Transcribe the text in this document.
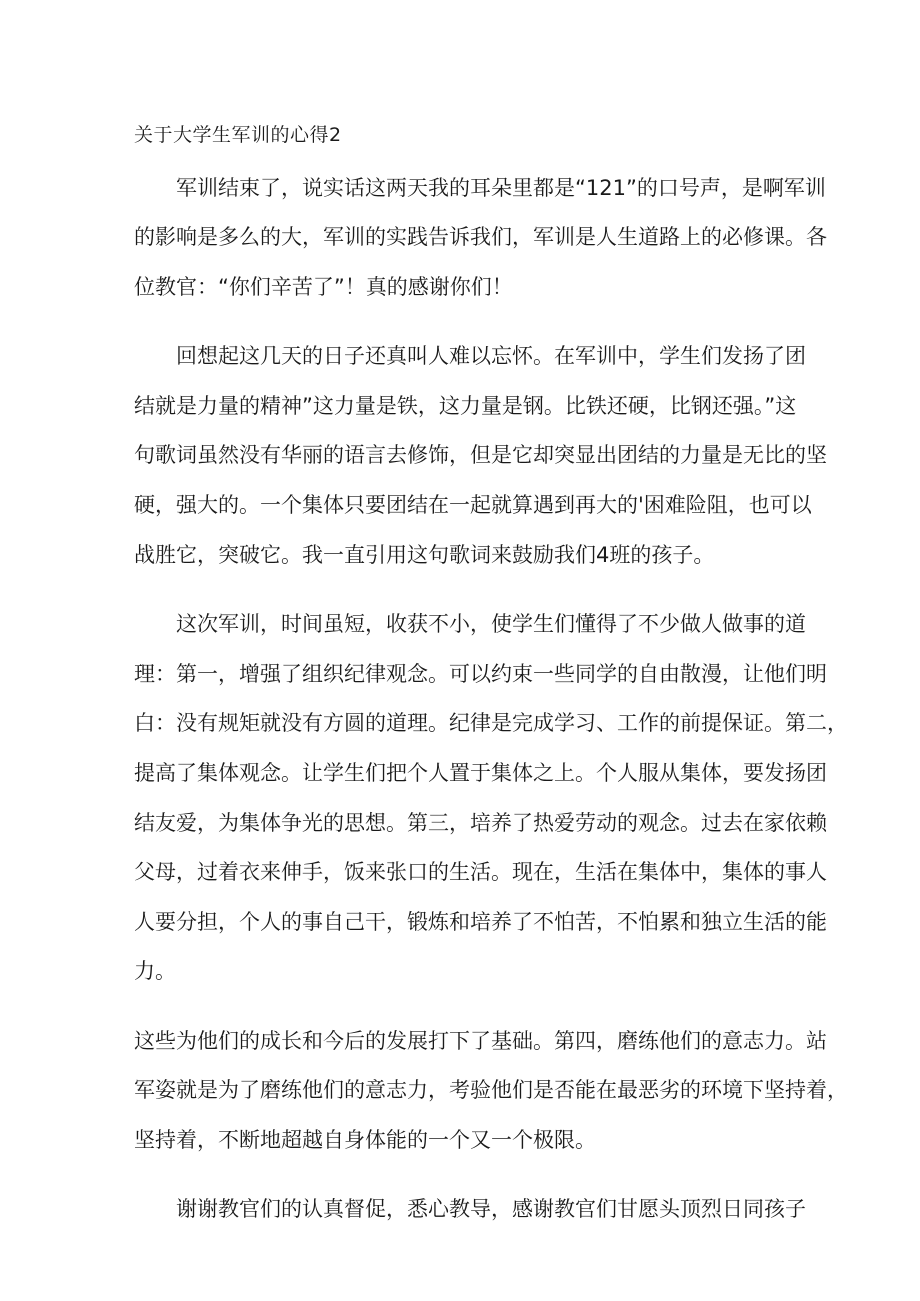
关于大学生军训的心得2
军训结束了，说实话这两天我的耳朵里都是“121”的口号声，是啊军训
的影响是多么的大，军训的实践告诉我们，军训是人生道路上的必修课。各
位教官：“你们辛苦了”！真的感谢你们！
回想起这几天的日子还真叫人难以忘怀。在军训中，学生们发扬了团
结就是力量的精神”这力量是铁，这力量是钢。比铁还硬，比钢还强。”这
句歌词虽然没有华丽的语言去修饰，但是它却突显出团结的力量是无比的坚
硬，强大的。一个集体只要团结在一起就算遇到再大的'困难险阻，也可以
战胜它，突破它。我一直引用这句歌词来鼓励我们4班的孩子。
这次军训，时间虽短，收获不小，使学生们懂得了不少做人做事的道
理：第一，增强了组织纪律观念。可以约束一些同学的自由散漫，让他们明
白：没有规矩就没有方圆的道理。纪律是完成学习、工作的前提保证。第二，
提高了集体观念。让学生们把个人置于集体之上。个人服从集体，要发扬团
结友爱，为集体争光的思想。第三，培养了热爱劳动的观念。过去在家依赖
父母，过着衣来伸手，饭来张口的生活。现在，生活在集体中，集体的事人
人要分担，个人的事自己干，锻炼和培养了不怕苦，不怕累和独立生活的能
力。
这些为他们的成长和今后的发展打下了基础。第四，磨练他们的意志力。站
军姿就是为了磨练他们的意志力，考验他们是否能在最恶劣的环境下坚持着，
坚持着，不断地超越自身体能的一个又一个极限。
谢谢教官们的认真督促，悉心教导，感谢教官们甘愿头顶烈日同孩子
